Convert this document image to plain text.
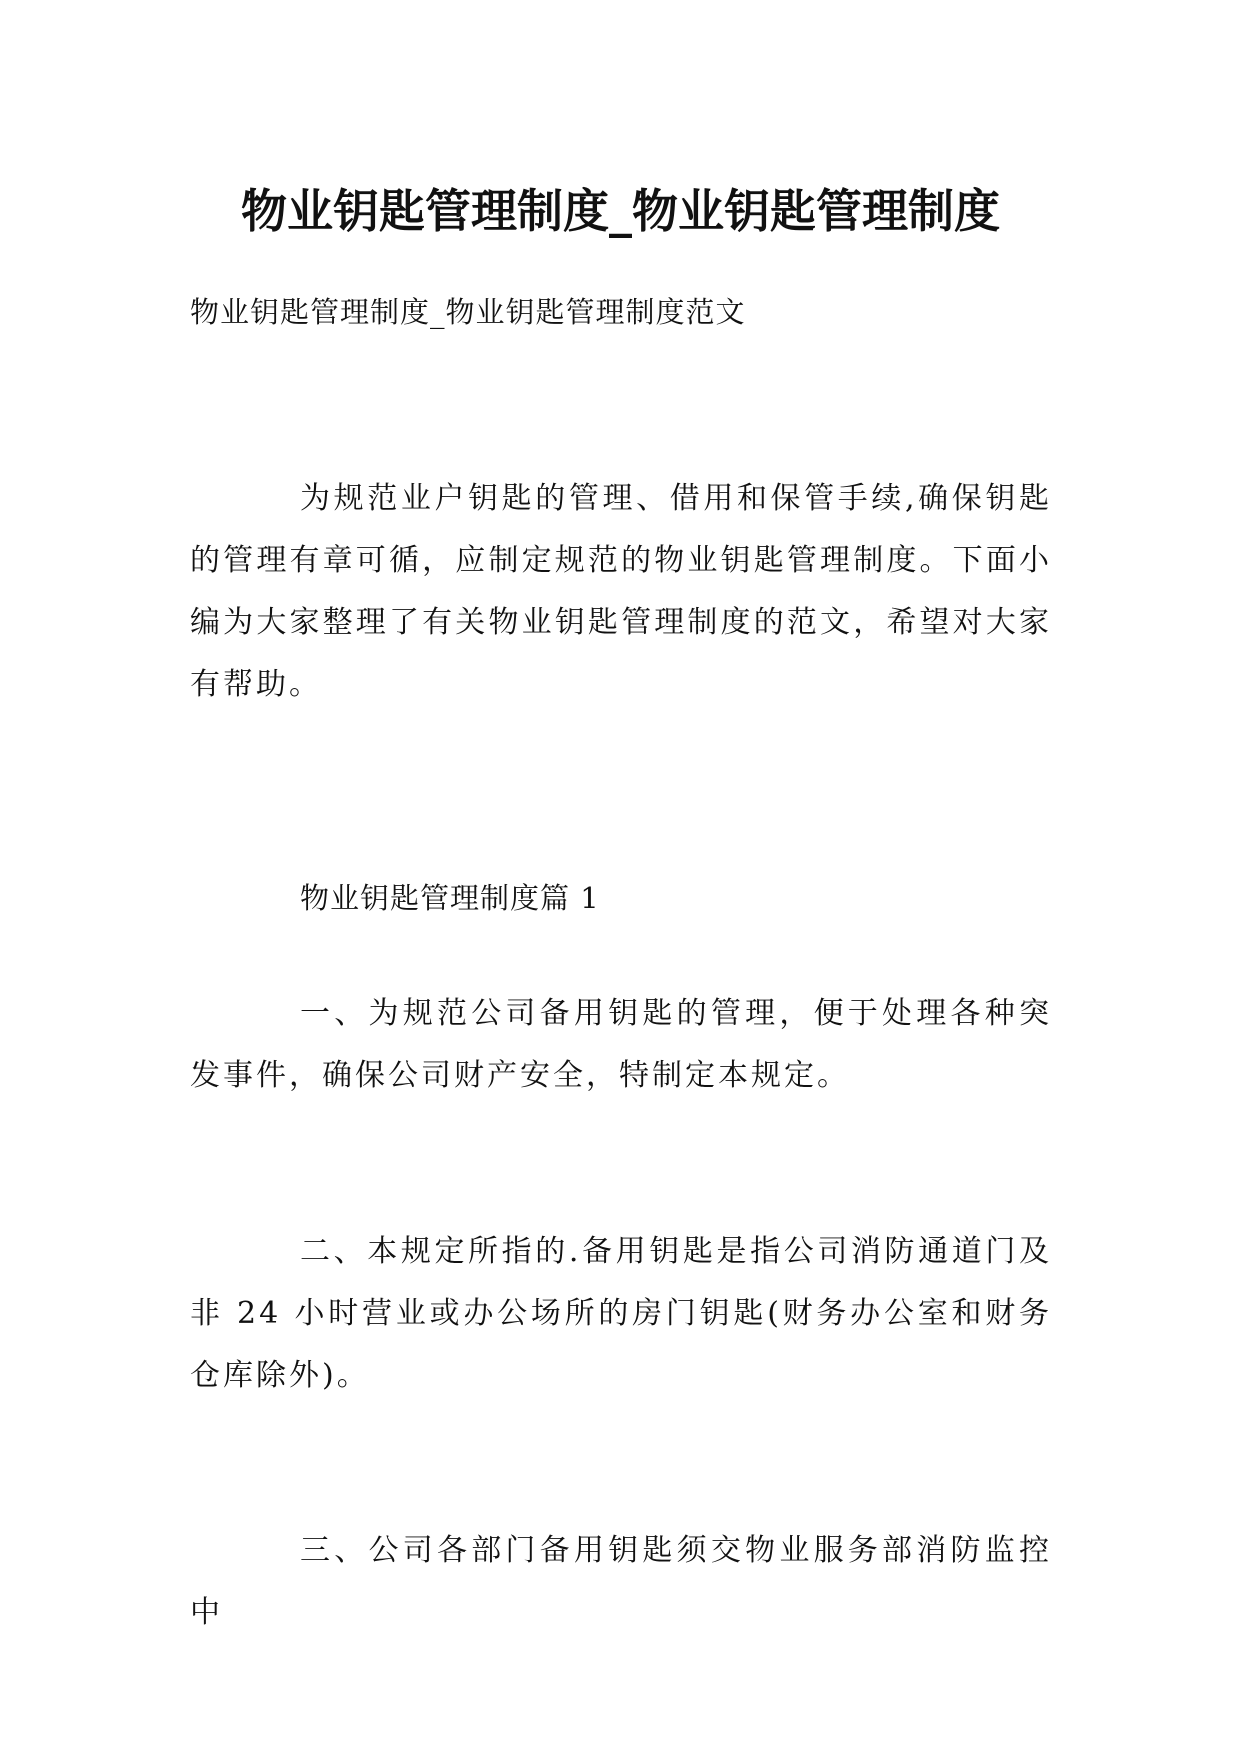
物业钥匙管理制度_物业钥匙管理制度
物业钥匙管理制度_物业钥匙管理制度范文

为规范业户钥匙的管理、借用和保管手续,确保钥匙的管理有章可循，应制定规范的物业钥匙管理制度。下面小编为大家整理了有关物业钥匙管理制度的范文，希望对大家有帮助。

物业钥匙管理制度篇 1

一、为规范公司备用钥匙的管理，便于处理各种突发事件，确保公司财产安全，特制定本规定。

二、本规定所指的.备用钥匙是指公司消防通道门及非 24 小时营业或办公场所的房门钥匙(财务办公室和财务仓库除外)。

三、公司各部门备用钥匙须交物业服务部消防监控中
